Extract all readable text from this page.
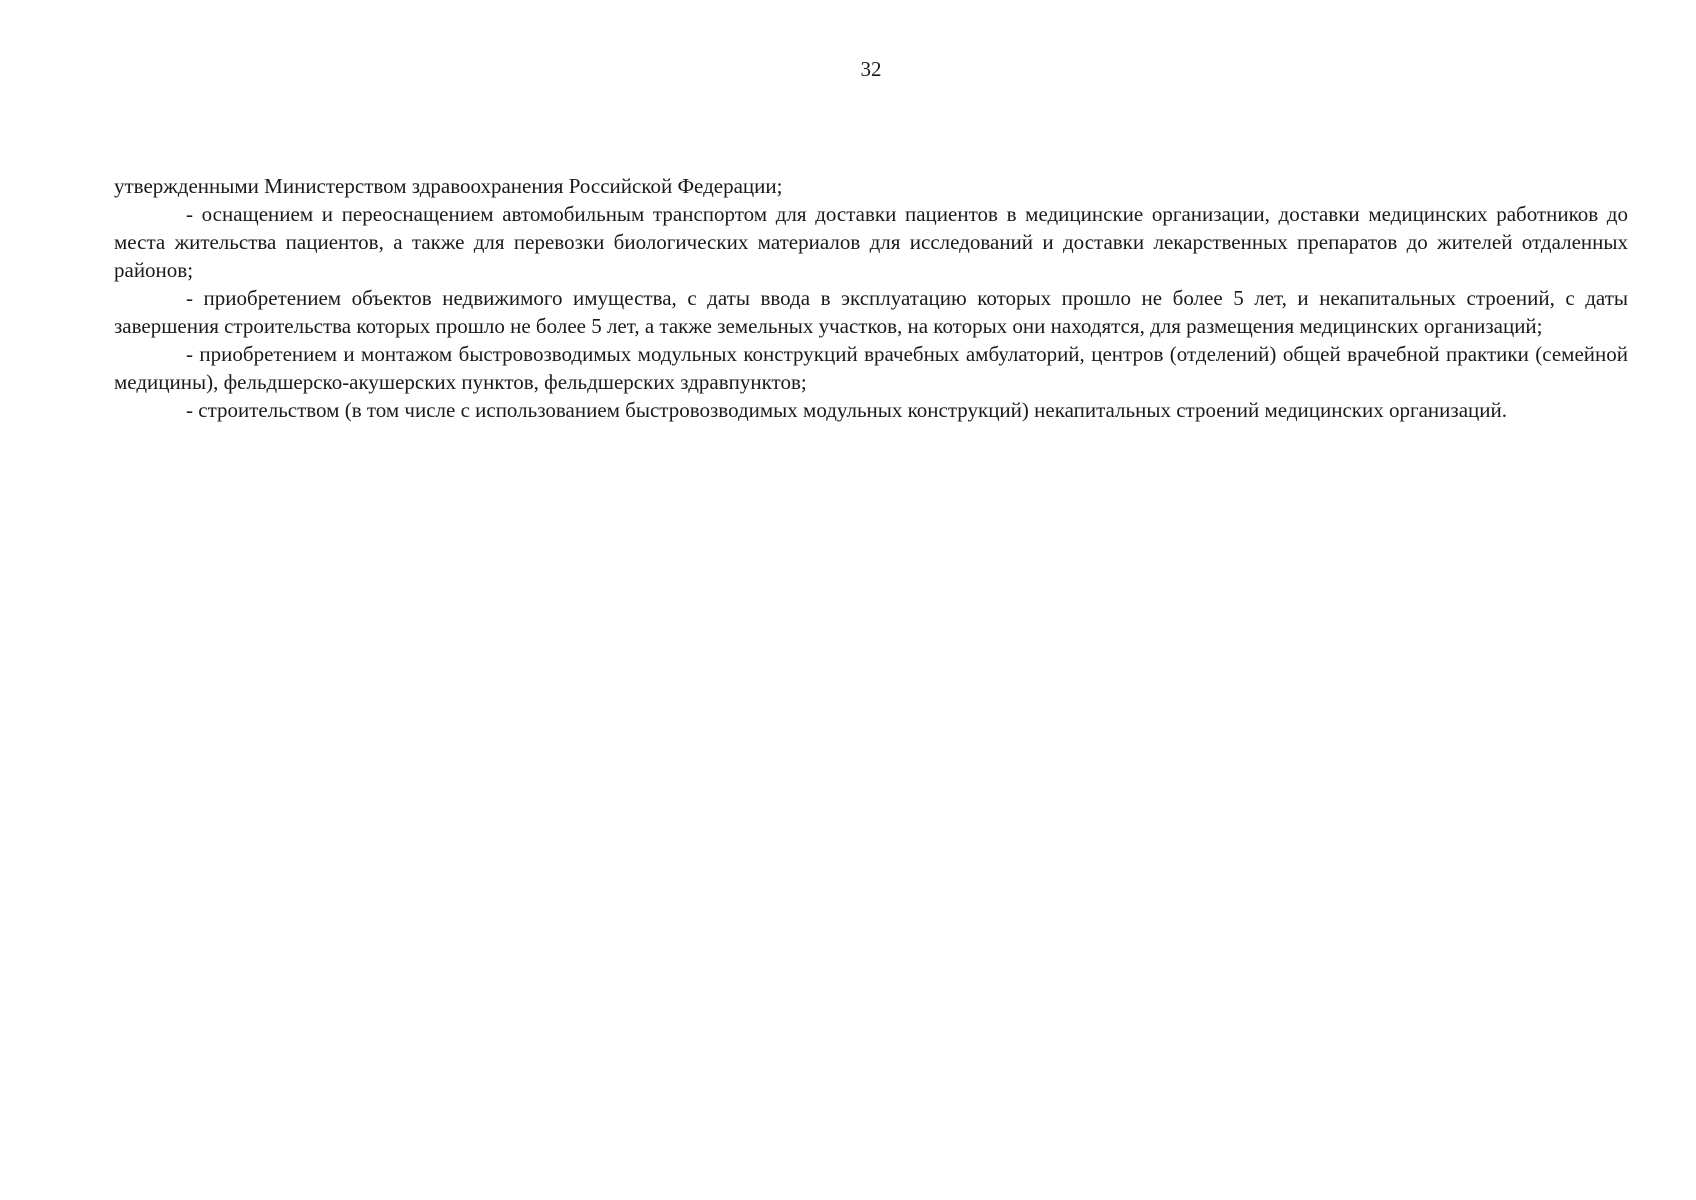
32

утвержденными Министерством здравоохранения Российской Федерации;

- оснащением и переоснащением автомобильным транспортом для доставки пациентов в медицинские организации, доставки медицинских работников до места жительства пациентов, а также для перевозки биологических материалов для исследований и доставки лекарственных препаратов до жителей отдаленных районов;

- приобретением объектов недвижимого имущества, с даты ввода в эксплуатацию которых прошло не более 5 лет, и некапитальных строений, с даты завершения строительства которых прошло не более 5 лет, а также земельных участков, на которых они находятся, для размещения медицинских организаций;

- приобретением и монтажом быстровозводимых модульных конструкций врачебных амбулаторий, центров (отделений) общей врачебной практики (семейной медицины), фельдшерско-акушерских пунктов, фельдшерских здравпунктов;

- строительством (в том числе с использованием быстровозводимых модульных конструкций) некапитальных строений медицинских организаций.
